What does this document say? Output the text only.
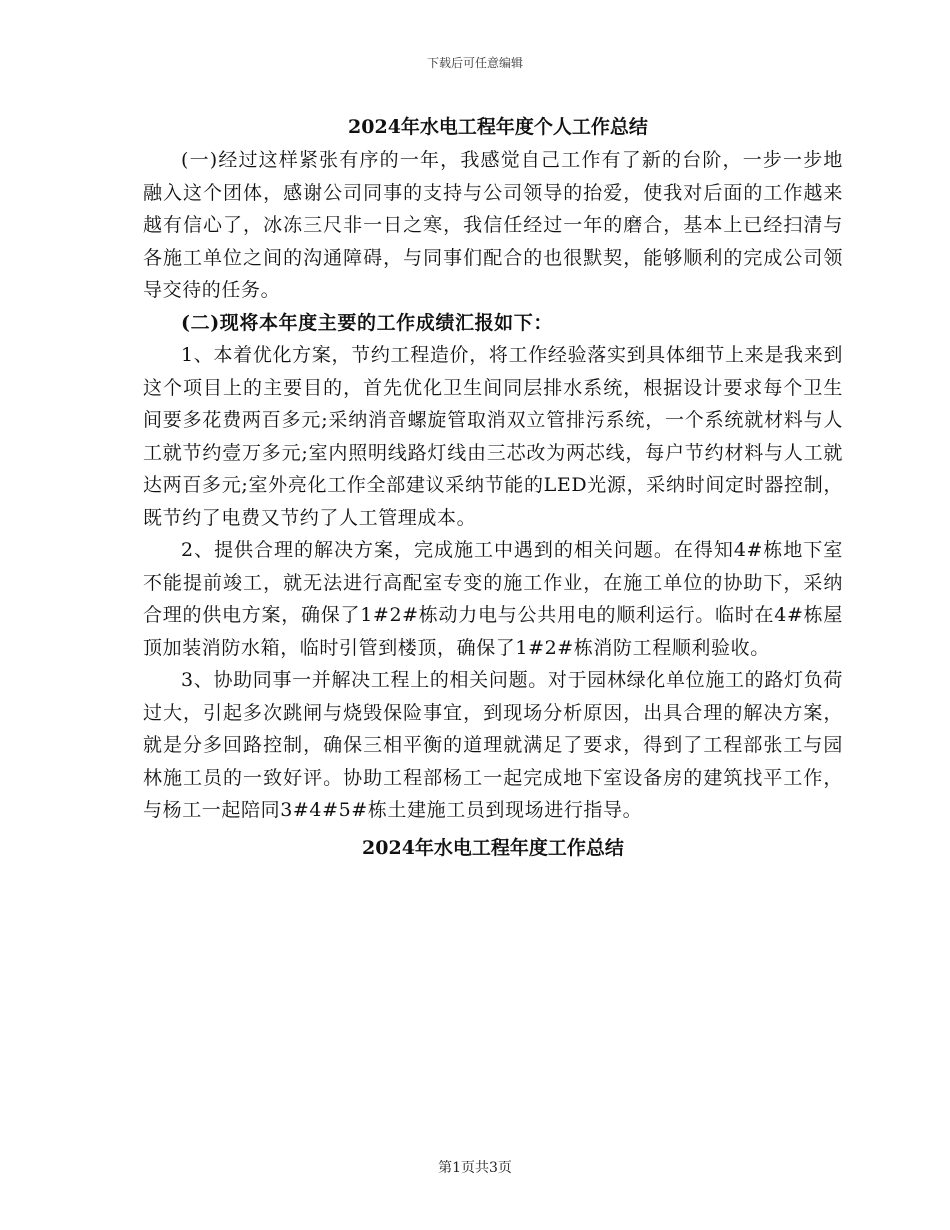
下载后可任意编辑
2024年水电工程年度个人工作总结

(一)经过这样紧张有序的一年，我感觉自己工作有了新的台阶，一步一步地融入这个团体，感谢公司同事的支持与公司领导的抬爱，使我对后面的工作越来越有信心了，冰冻三尺非一日之寒，我信任经过一年的磨合，基本上已经扫清与各施工单位之间的沟通障碍，与同事们配合的也很默契，能够顺利的完成公司领导交待的任务。

(二)现将本年度主要的工作成绩汇报如下：

1、本着优化方案，节约工程造价，将工作经验落实到具体细节上来是我来到这个项目上的主要目的，首先优化卫生间同层排水系统，根据设计要求每个卫生间要多花费两百多元;采纳消音螺旋管取消双立管排污系统，一个系统就材料与人工就节约壹万多元;室内照明线路灯线由三芯改为两芯线，每户节约材料与人工就达两百多元;室外亮化工作全部建议采纳节能的LED光源，采纳时间定时器控制，既节约了电费又节约了人工管理成本。

2、提供合理的解决方案，完成施工中遇到的相关问题。在得知4#栋地下室不能提前竣工，就无法进行高配室专变的施工作业，在施工单位的协助下，采纳合理的供电方案，确保了1#2#栋动力电与公共用电的顺利运行。临时在4#栋屋顶加装消防水箱，临时引管到楼顶，确保了1#2#栋消防工程顺利验收。

3、协助同事一并解决工程上的相关问题。对于园林绿化单位施工的路灯负荷过大，引起多次跳闸与烧毁保险事宜，到现场分析原因，出具合理的解决方案，就是分多回路控制，确保三相平衡的道理就满足了要求，得到了工程部张工与园林施工员的一致好评。协助工程部杨工一起完成地下室设备房的建筑找平工作，与杨工一起陪同3#4#5#栋土建施工员到现场进行指导。

2024年水电工程年度工作总结
第1页共3页
